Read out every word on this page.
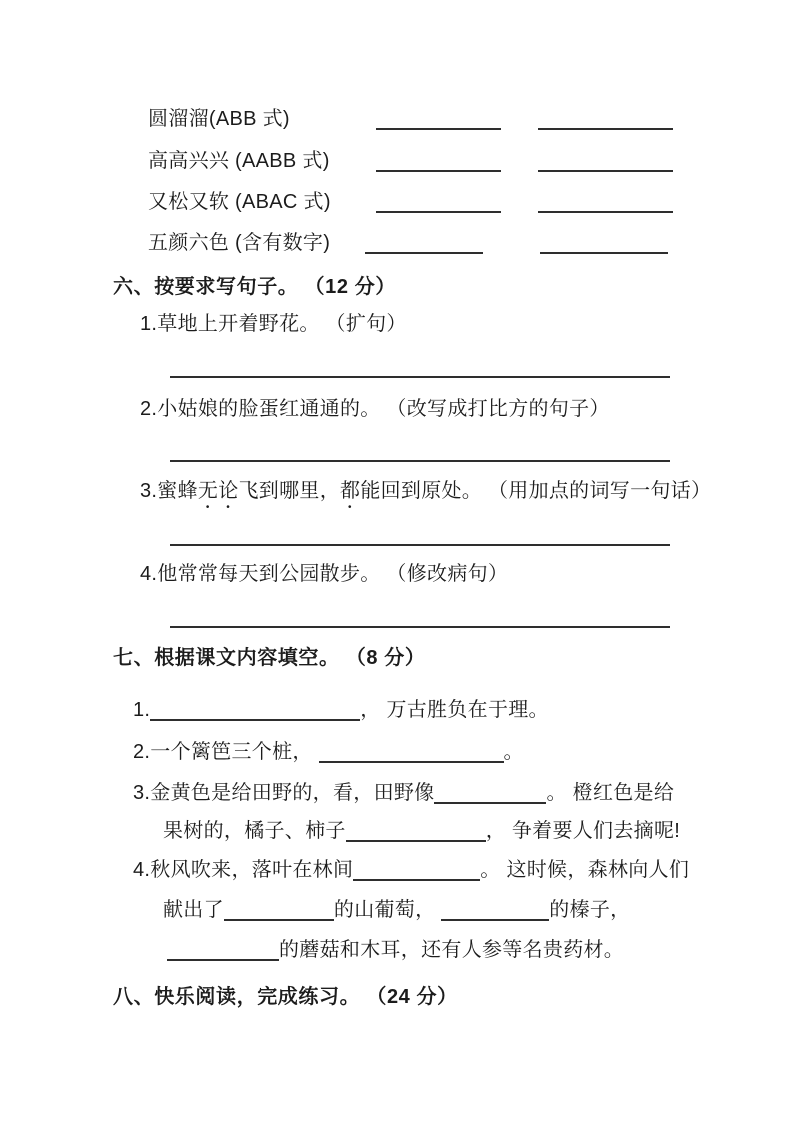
圆溜溜(ABB 式)
高高兴兴 (AABB 式)
又松又软 (ABAC 式)
五颜六色 (含有数字)
六、按要求写句子。 （12 分）
1.草地上开着野花。 （扩句）
2.小姑娘的脸蛋红通通的。 （改写成打比方的句子）
3.蜜蜂无论飞到哪里，都能回到原处。 （用加点的词写一句话）
4.他常常每天到公园散步。 （修改病句）
七、根据课文内容填空。 （8 分）
1.	， 万古胜负在于理。
2.一个篱笆三个桩，	。
3.金黄色是给田野的，看，田野像	。 橙红色是给
果树的，橘子、柿子	， 争着要人们去摘呢!
4.秋风吹来，落叶在林间	。 这时候，森林向人们
献出了	的山葡萄，	的榛子，
的蘑菇和木耳，还有人参等名贵药材。
八、快乐阅读，完成练习。 （24 分）
